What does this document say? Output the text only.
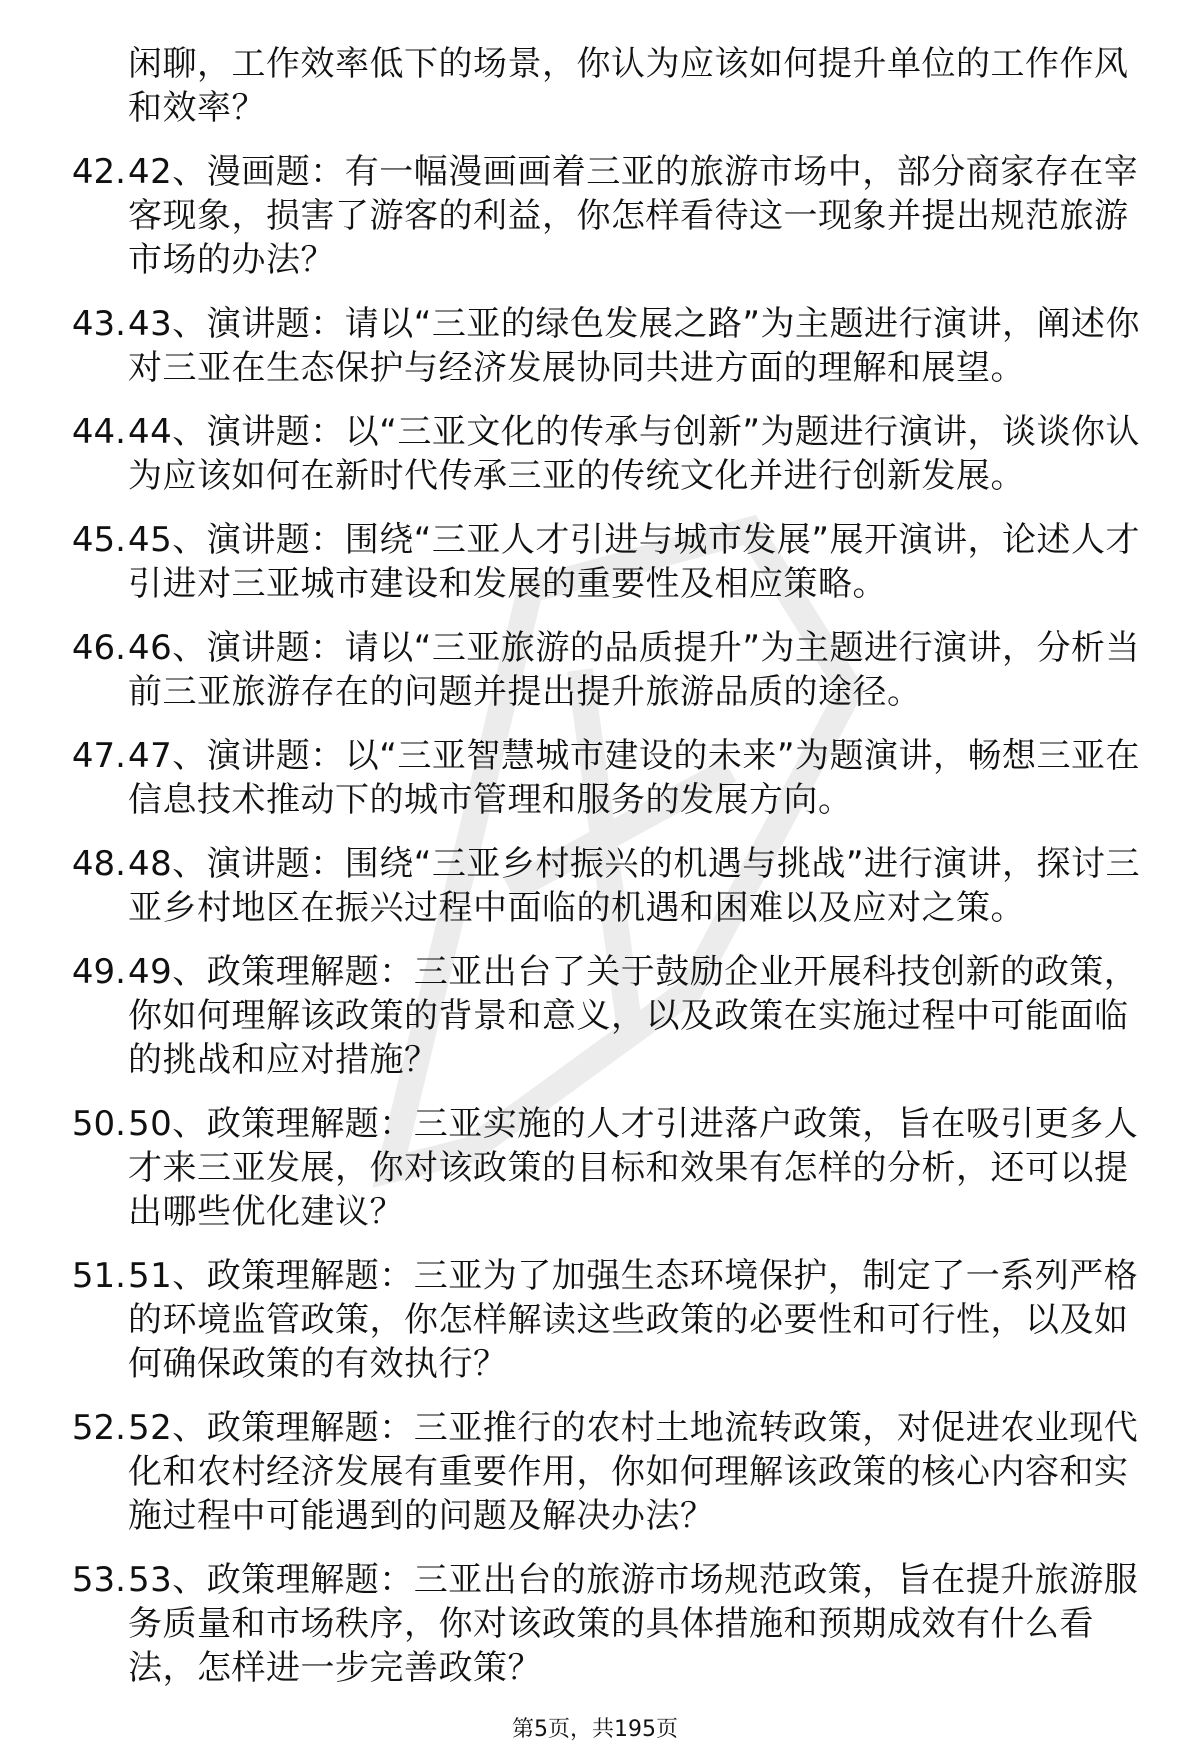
闲聊，工作效率低下的场景，你认为应该如何提升单位的工作作风和效率？
42. 42、漫画题：有一幅漫画画着三亚的旅游市场中，部分商家存在宰客现象，损害了游客的利益，你怎样看待这一现象并提出规范旅游市场的办法？
43. 43、演讲题：请以“三亚的绿色发展之路”为主题进行演讲，阐述你对三亚在生态保护与经济发展协同共进方面的理解和展望。
44. 44、演讲题：以“三亚文化的传承与创新”为题进行演讲，谈谈你认为应该如何在新时代传承三亚的传统文化并进行创新发展。
45. 45、演讲题：围绕“三亚人才引进与城市发展”展开演讲，论述人才引进对三亚城市建设和发展的重要性及相应策略。
46. 46、演讲题：请以“三亚旅游的品质提升”为主题进行演讲，分析当前三亚旅游存在的问题并提出提升旅游品质的途径。
47. 47、演讲题：以“三亚智慧城市建设的未来”为题演讲，畅想三亚在信息技术推动下的城市管理和服务的发展方向。
48. 48、演讲题：围绕“三亚乡村振兴的机遇与挑战”进行演讲，探讨三亚乡村地区在振兴过程中面临的机遇和困难以及应对之策。
49. 49、政策理解题：三亚出台了关于鼓励企业开展科技创新的政策，你如何理解该政策的背景和意义，以及政策在实施过程中可能面临的挑战和应对措施？
50. 50、政策理解题：三亚实施的人才引进落户政策，旨在吸引更多人才来三亚发展，你对该政策的目标和效果有怎样的分析，还可以提出哪些优化建议？
51. 51、政策理解题：三亚为了加强生态环境保护，制定了一系列严格的环境监管政策，你怎样解读这些政策的必要性和可行性，以及如何确保政策的有效执行？
52. 52、政策理解题：三亚推行的农村土地流转政策，对促进农业现代化和农村经济发展有重要作用，你如何理解该政策的核心内容和实施过程中可能遇到的问题及解决办法？
53. 53、政策理解题：三亚出台的旅游市场规范政策，旨在提升旅游服务质量和市场秩序，你对该政策的具体措施和预期成效有什么看法，怎样进一步完善政策？
第5页，共195页
